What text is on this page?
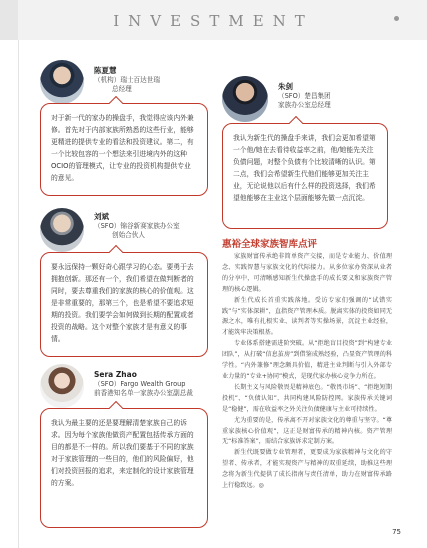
INVESTMENT
陈夏慧
（机构）瑞士百达世瑞
总经理
对于新一代的家办的操盘手，我觉得应该内外兼修。首先对于内部家族所熟悉的这些行业，能够更精进的提供专业的看法和投资建议。第二，有一个比较包容的一个想法来引进境内外的这种OCIO的管理模式，让专业的投资机构提供专业的意见。
朱剑
（SFO）楚昌集团
家族办公室总经理
我认为新生代的操盘手来讲，我们会更加希望第一个他/她在去看待收益率之前，他/她能先关注负债问题，对整个负债有个比较清晰的认识。第二点，我们会希望新生代他们能够更加关注主业，无论说他以后有什么样的投资选择，我们希望他能够在主业这个层面能够先做一点沉淀。
刘斌
（SFO）锦谷新赛家族办公室
创始合伙人
要永远保持一颗好奇心跟学习的心态。要勇于去拥抱创新。那还有一个，我们希望在做判断者的同时，要去尊重我们的家族的核心的价值观。这是非常重要的，那第三个，也是希望不要追求短期的投资。我们要学会如何做到长期的配置或者投资的战略。这个对整个家族才是有意义的事情。
Sera Zhao
（SFO）Fargo Wealth Group
前香港知名单一家族办公室副总裁
我认为最主要的还是要理解清楚家族自己的诉求。因为每个家族他做资产配置包括传承方面的目的都是不一样的。所以我们要基于不同的家族对于家族管理的一些目的，他们的风险偏好，他们对投资回报的追求，来定制化的设计家族管理的方案。
惠裕全球家族智库点评

家族财富传承绝非简单资产交接，而是专业能力、价值理念、实践智慧与家族文化的代际接力。从多位家办资深从业者的分享中，可清晰感知新生代操盘手的成长要义和家族资产管理的核心逻辑。

新生代成长首重实践落地。受访专家们强调的“试错实践”与“实体深耕”，直指资产管理本质。脱离实体的投资如同无源之水，唯有扎根实业、读判者等实操场景，沉淀主业经验，才能筑牢决策根基。

专业体系搭建需进阶突破。从“拒绝盲目投资”到“构建专业团队”，从打破“信息茧房”到借鉴成熟经验，凸显资产管理的科学性。“内外兼修”理念颇具价值，精进主业判断与引入外部专业力量的“专业+协同”模式，是现代家办核心竞争力所在。

长期主义与风险敬畏是精神底色。“敬畏市场”、“拒绝短期投机”、“负债认知”，共同构建风险防控网。家族传承关键词是“稳健”，需在收益率之外关注负债健康与主业可持续性。

尤为重要的是，传承离不开对家族文化的尊重与坚守。“尊重家族核心价值观”，这正是财富传承的精神内核。资产管理无“标准答案”，需结合家族诉求定制方案。

新生代既要做专业管理者，更要成为家族精神与文化的守望者、传承者，才能实现资产与精神的双重延续，助推这些理念将为新生代提供了成长指南与责任清单，助力在财富传承路上行稳致远。◎

75
